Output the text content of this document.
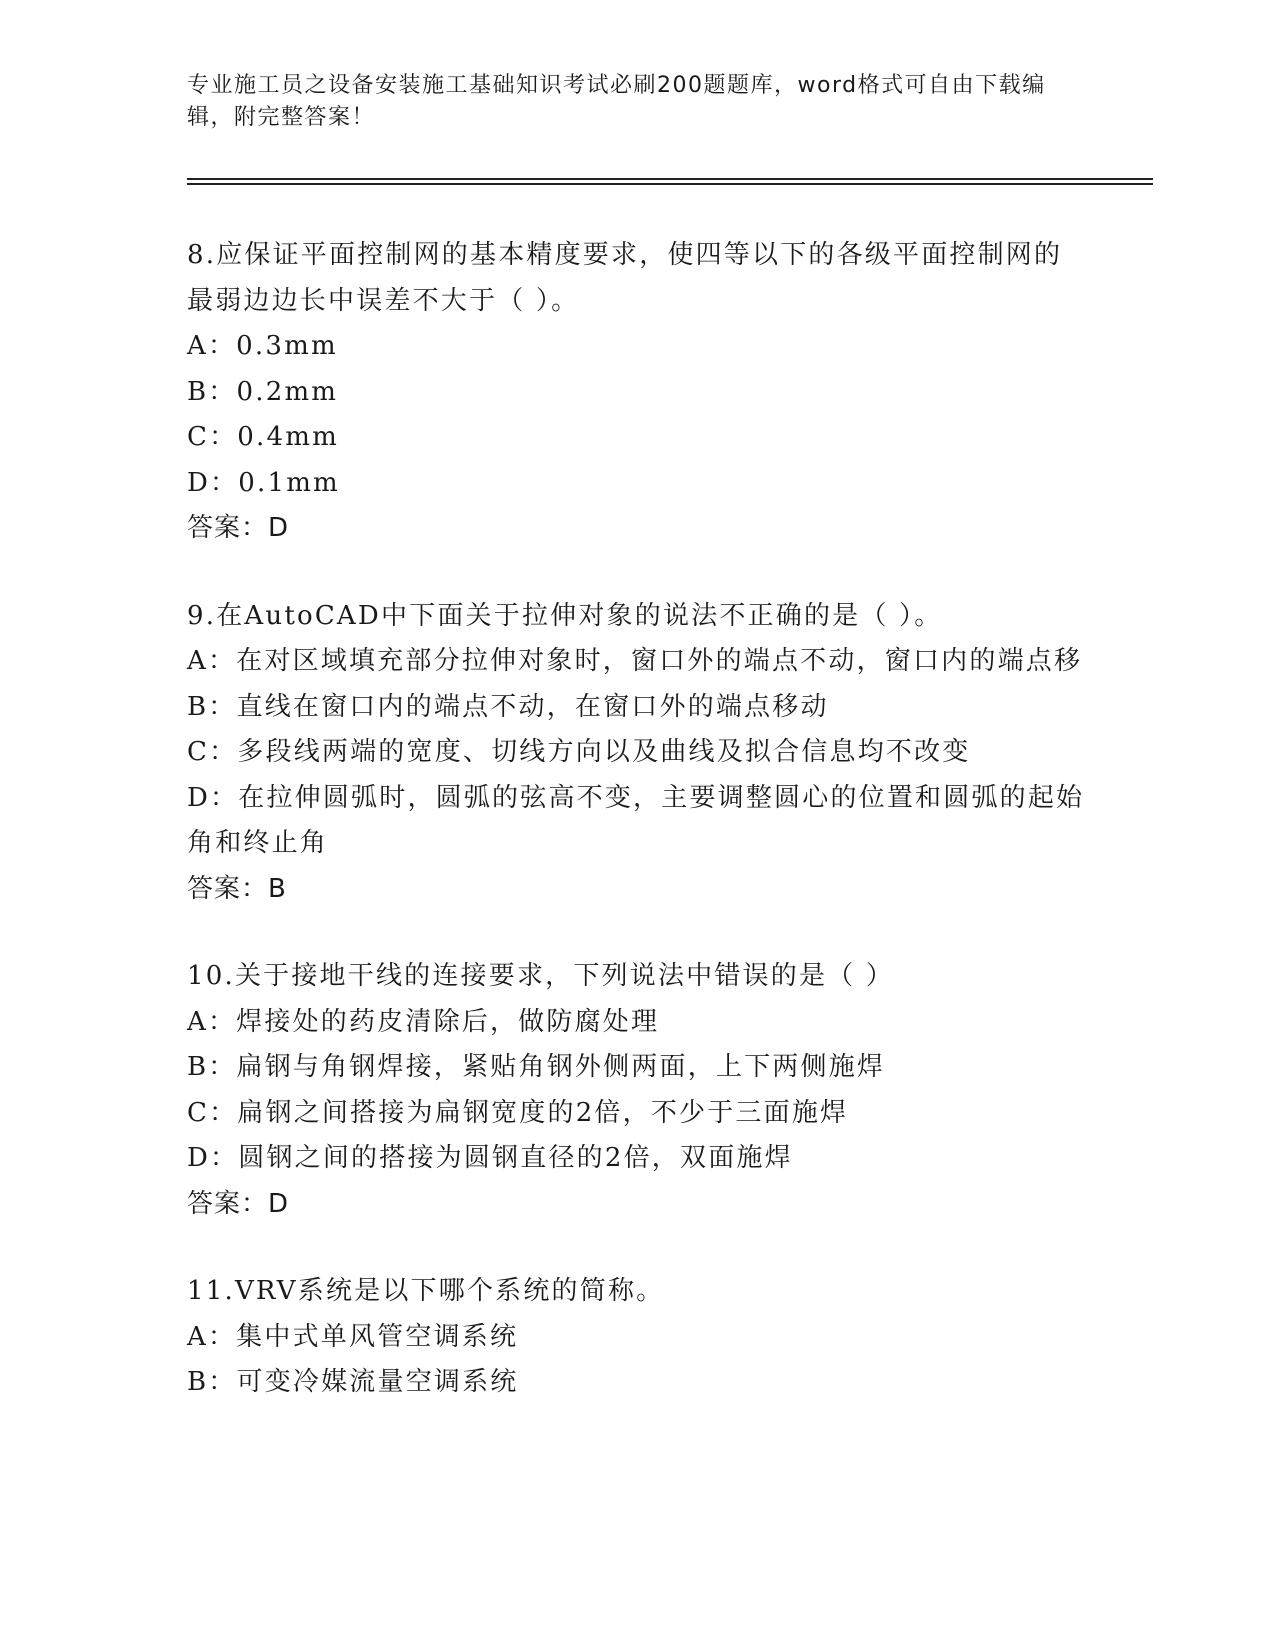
专业施工员之设备安装施工基础知识考试必刷200题题库，word格式可自由下载编辑，附完整答案！
8.应保证平面控制网的基本精度要求，使四等以下的各级平面控制网的最弱边边长中误差不大于（ ）。
A：0.3mm
B：0.2mm
C：0.4mm
D：0.1mm
答案：D
9.在AutoCAD中下面关于拉伸对象的说法不正确的是（ ）。
A：在对区域填充部分拉伸对象时，窗口外的端点不动，窗口内的端点移
B：直线在窗口内的端点不动，在窗口外的端点移动
C：多段线两端的宽度、切线方向以及曲线及拟合信息均不改变
D：在拉伸圆弧时，圆弧的弦高不变，主要调整圆心的位置和圆弧的起始角和终止角
答案：B
10.关于接地干线的连接要求，下列说法中错误的是（ ）
A：焊接处的药皮清除后，做防腐处理
B：扁钢与角钢焊接，紧贴角钢外侧两面，上下两侧施焊
C：扁钢之间搭接为扁钢宽度的2倍，不少于三面施焊
D：圆钢之间的搭接为圆钢直径的2倍，双面施焊
答案：D
11.VRV系统是以下哪个系统的简称。
A：集中式单风管空调系统
B：可变冷媒流量空调系统
